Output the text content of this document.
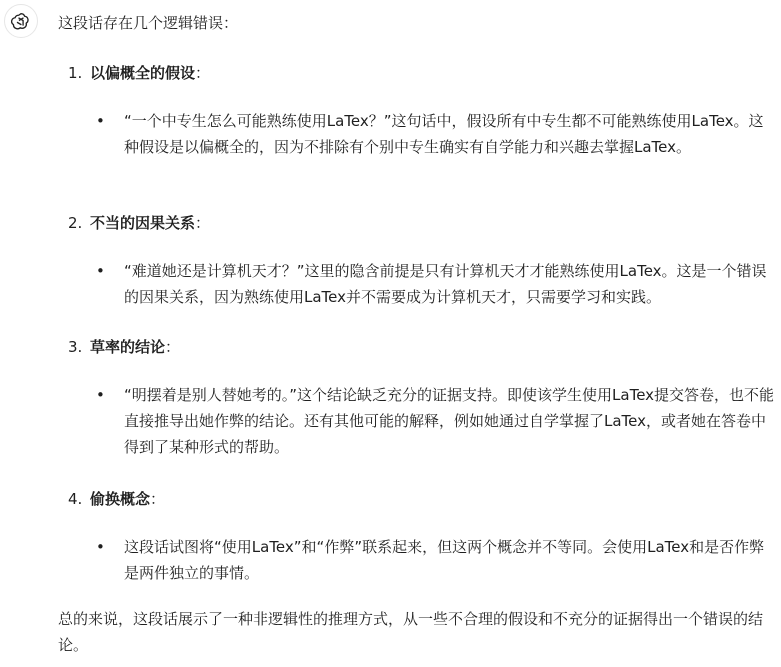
这段话存在几个逻辑错误：
1. 以偏概全的假设：
•	“一个中专生怎么可能熟练使用LaTex？”这句话中，假设所有中专生都不可能熟练使用LaTex。这种假设是以偏概全的，因为不排除有个别中专生确实有自学能力和兴趣去掌握LaTex。
2. 不当的因果关系：
•	“难道她还是计算机天才？”这里的隐含前提是只有计算机天才才能熟练使用LaTex。这是一个错误的因果关系，因为熟练使用LaTex并不需要成为计算机天才，只需要学习和实践。
3. 草率的结论：
•	“明摆着是别人替她考的。”这个结论缺乏充分的证据支持。即使该学生使用LaTex提交答卷，也不能直接推导出她作弊的结论。还有其他可能的解释，例如她通过自学掌握了LaTex，或者她在答卷中得到了某种形式的帮助。
4. 偷换概念：
•	这段话试图将“使用LaTex”和“作弊”联系起来，但这两个概念并不等同。会使用LaTex和是否作弊是两件独立的事情。
总的来说，这段话展示了一种非逻辑性的推理方式，从一些不合理的假设和不充分的证据得出一个错误的结论。
